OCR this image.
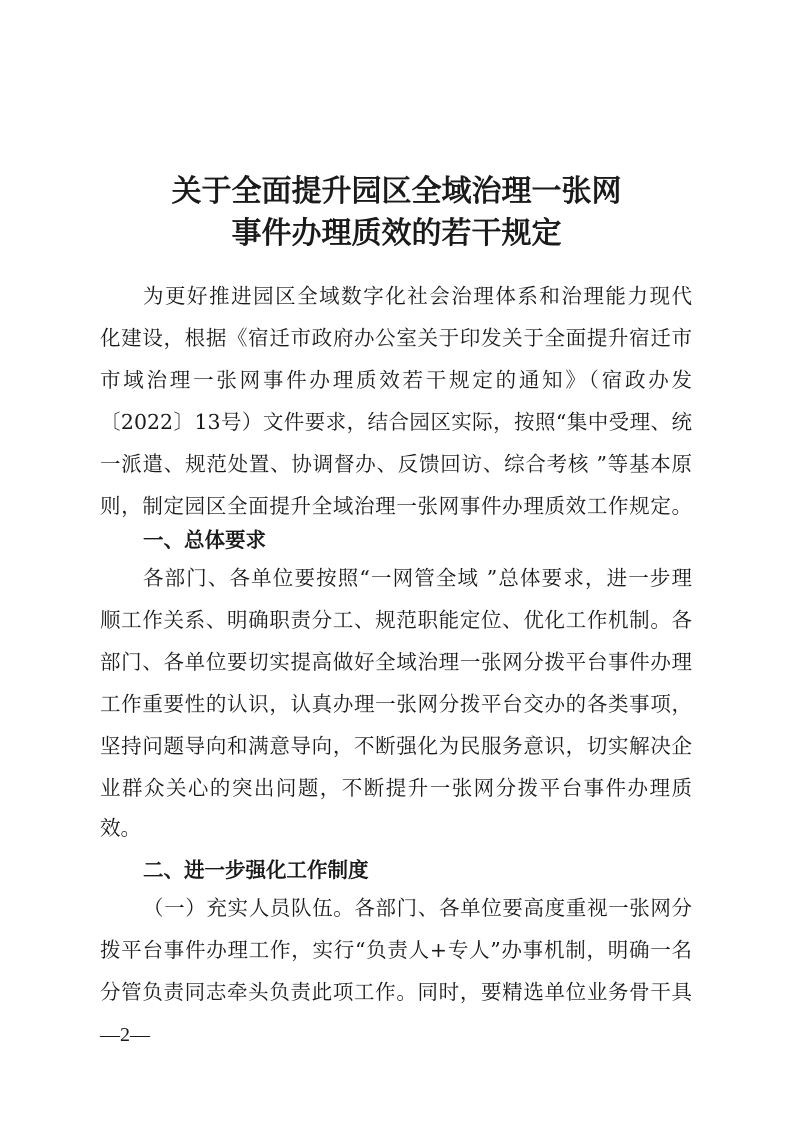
关于全面提升园区全域治理一张网
事件办理质效的若干规定
为更好推进园区全域数字化社会治理体系和治理能力现代
化建设，根据《宿迁市政府办公室关于印发关于全面提升宿迁市
市域治理一张网事件办理质效若干规定的通知》（宿政办发
〔2022〕13号）文件要求，结合园区实际，按照“集中受理、统
一派遣、规范处置、协调督办、反馈回访、综合考核 ”等基本原
则，制定园区全面提升全域治理一张网事件办理质效工作规定。
一、总体要求
各部门、各单位要按照“一网管全域 ”总体要求，进一步理
顺工作关系、明确职责分工、规范职能定位、优化工作机制。各
部门、各单位要切实提高做好全域治理一张网分拨平台事件办理
工作重要性的认识，认真办理一张网分拨平台交办的各类事项，
坚持问题导向和满意导向，不断强化为民服务意识，切实解决企
业群众关心的突出问题，不断提升一张网分拨平台事件办理质
效。
二、进一步强化工作制度
（一）充实人员队伍。各部门、各单位要高度重视一张网分
拨平台事件办理工作，实行“负责人+专人”办事机制，明确一名
分管负责同志牵头负责此项工作。同时，要精选单位业务骨干具
—2—
